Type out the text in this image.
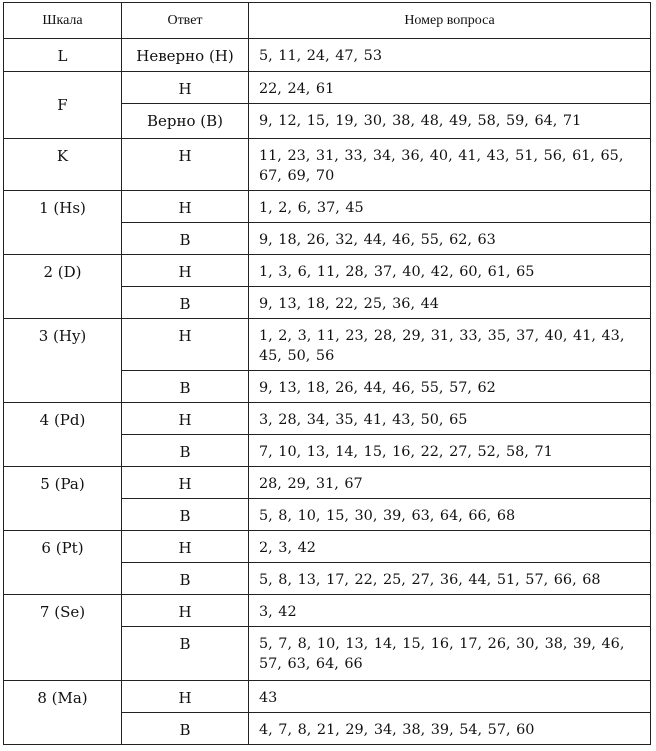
Шкала	Ответ	Номер вопроса
L	Неверно (Н)	5, 11, 24, 47, 53
F	Н	22, 24, 61
	Верно (В)	9, 12, 15, 19, 30, 38, 48, 49, 58, 59, 64, 71
K	Н	11, 23, 31, 33, 34, 36, 40, 41, 43, 51, 56, 61, 65, 67, 69, 70
1 (Hs)	Н	1, 2, 6, 37, 45
	В	9, 18, 26, 32, 44, 46, 55, 62, 63
2 (D)	Н	1, 3, 6, 11, 28, 37, 40, 42, 60, 61, 65
	В	9, 13, 18, 22, 25, 36, 44
3 (Hy)	Н	1, 2, 3, 11, 23, 28, 29, 31, 33, 35, 37, 40, 41, 43, 45, 50, 56
	В	9, 13, 18, 26, 44, 46, 55, 57, 62
4 (Pd)	Н	3, 28, 34, 35, 41, 43, 50, 65
	В	7, 10, 13, 14, 15, 16, 22, 27, 52, 58, 71
5 (Pa)	Н	28, 29, 31, 67
	В	5, 8, 10, 15, 30, 39, 63, 64, 66, 68
6 (Pt)	Н	2, 3, 42
	В	5, 8, 13, 17, 22, 25, 27, 36, 44, 51, 57, 66, 68
7 (Se)	Н	3, 42
	В	5, 7, 8, 10, 13, 14, 15, 16, 17, 26, 30, 38, 39, 46, 57, 63, 64, 66
8 (Ma)	Н	43
	В	4, 7, 8, 21, 29, 34, 38, 39, 54, 57, 60
